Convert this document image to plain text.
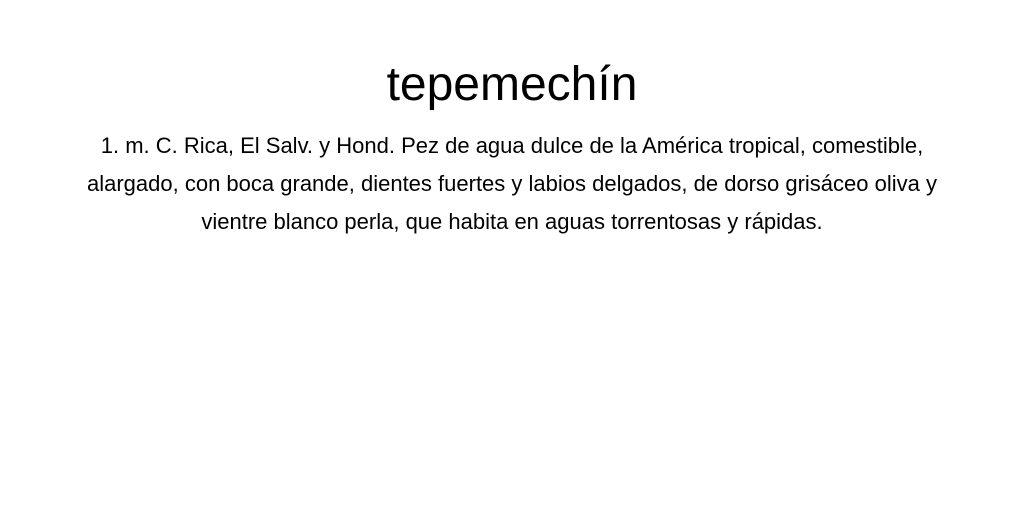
tepemechín

1. m. C. Rica, El Salv. y Hond. Pez de agua dulce de la América tropical, comestible, alargado, con boca grande, dientes fuertes y labios delgados, de dorso grisáceo oliva y vientre blanco perla, que habita en aguas torrentosas y rápidas.
